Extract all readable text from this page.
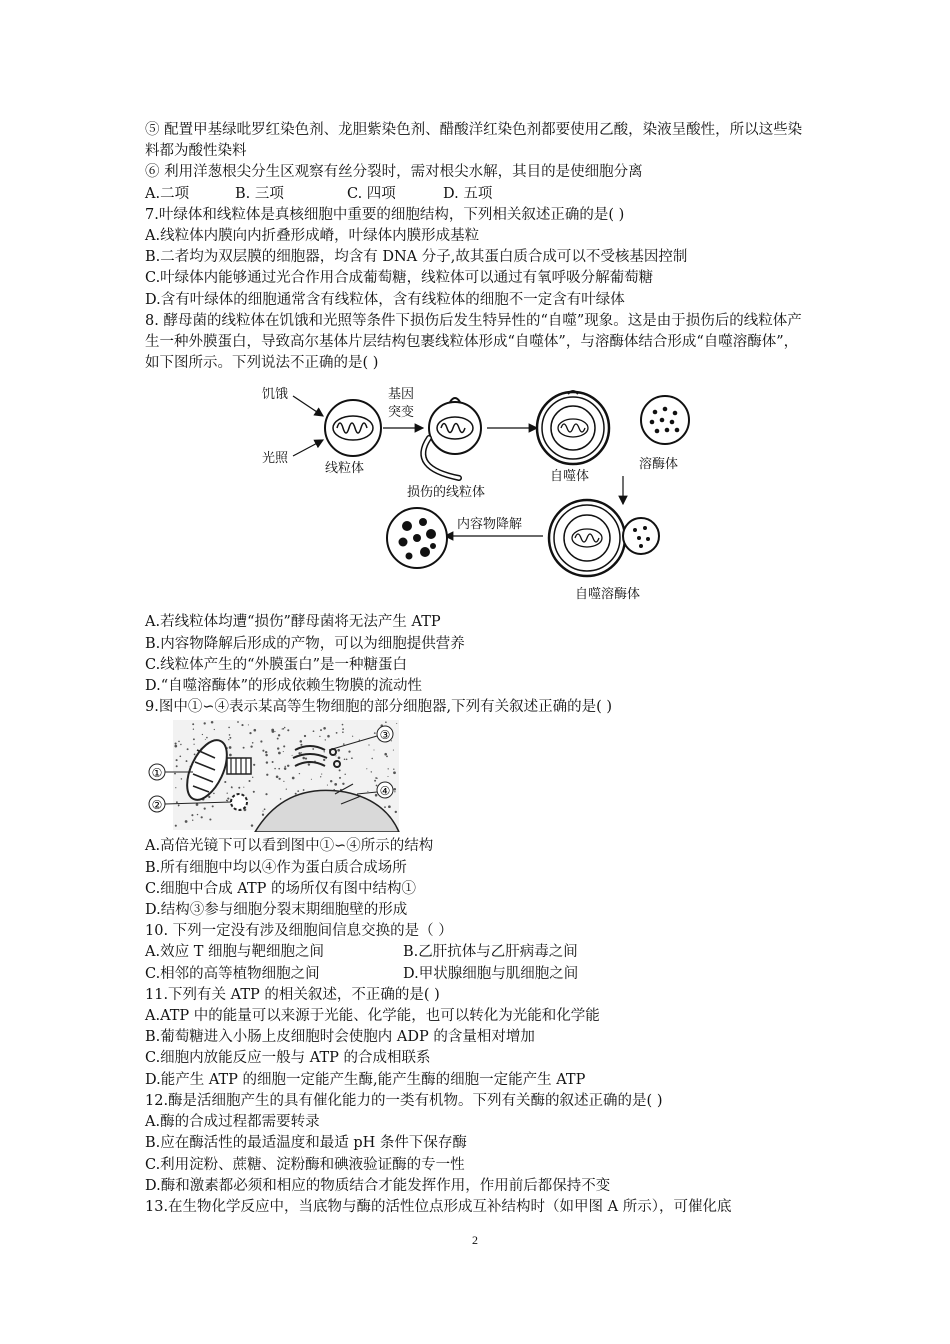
⑤ 配置甲基绿吡罗红染色剂、龙胆紫染色剂、醋酸洋红染色剂都要使用乙酸，染液呈酸性，所以这些染料都为酸性染料
⑥ 利用洋葱根尖分生区观察有丝分裂时，需对根尖水解，其目的是使细胞分离
A.二项	B. 三项	C. 四项	D. 五项
7.叶绿体和线粒体是真核细胞中重要的细胞结构，下列相关叙述正确的是( )
A.线粒体内膜向内折叠形成嵴，叶绿体内膜形成基粒
B.二者均为双层膜的细胞器，均含有 DNA 分子,故其蛋白质合成可以不受核基因控制
C.叶绿体内能够通过光合作用合成葡萄糖，线粒体可以通过有氧呼吸分解葡萄糖
D.含有叶绿体的细胞通常含有线粒体，含有线粒体的细胞不一定含有叶绿体
8. 酵母菌的线粒体在饥饿和光照等条件下损伤后发生特异性的“自噬”现象。这是由于损伤后的线粒体产生一种外膜蛋白，导致高尔基体片层结构包裹线粒体形成“自噬体”，与溶酶体结合形成“自噬溶酶体”， 如下图所示。下列说法不正确的是( )
饥饿
光照
线粒体
基因
突变
损伤的线粒体
自噬体
溶酶体
自噬溶酶体
内容物降解
A.若线粒体均遭“损伤”酵母菌将无法产生 ATP
B.内容物降解后形成的产物，可以为细胞提供营养
C.线粒体产生的“外膜蛋白”是一种糖蛋白
D.“自噬溶酶体”的形成依赖生物膜的流动性
9.图中①∽④表示某高等生物细胞的部分细胞器,下列有关叙述正确的是( )
①
②
③
④
A.高倍光镜下可以看到图中①∽④所示的结构
B.所有细胞中均以④作为蛋白质合成场所
C.细胞中合成 ATP 的场所仅有图中结构①
D.结构③参与细胞分裂末期细胞壁的形成
10. 下列一定没有涉及细胞间信息交换的是（ ）
A.效应 T 细胞与靶细胞之间	B.乙肝抗体与乙肝病毒之间
C.相邻的高等植物细胞之间	D.甲状腺细胞与肌细胞之间
11.下列有关 ATP 的相关叙述，不正确的是( )
A.ATP 中的能量可以来源于光能、化学能，也可以转化为光能和化学能
B.葡萄糖进入小肠上皮细胞时会使胞内 ADP 的含量相对增加
C.细胞内放能反应一般与 ATP 的合成相联系
D.能产生 ATP 的细胞一定能产生酶,能产生酶的细胞一定能产生 ATP
12.酶是活细胞产生的具有催化能力的一类有机物。下列有关酶的叙述正确的是( )
A.酶的合成过程都需要转录
B.应在酶活性的最适温度和最适 pH 条件下保存酶
C.利用淀粉、蔗糖、淀粉酶和碘液验证酶的专一性
D.酶和激素都必须和相应的物质结合才能发挥作用，作用前后都保持不变
13.在生物化学反应中，当底物与酶的活性位点形成互补结构时（如甲图 A 所示），可催化底
2
